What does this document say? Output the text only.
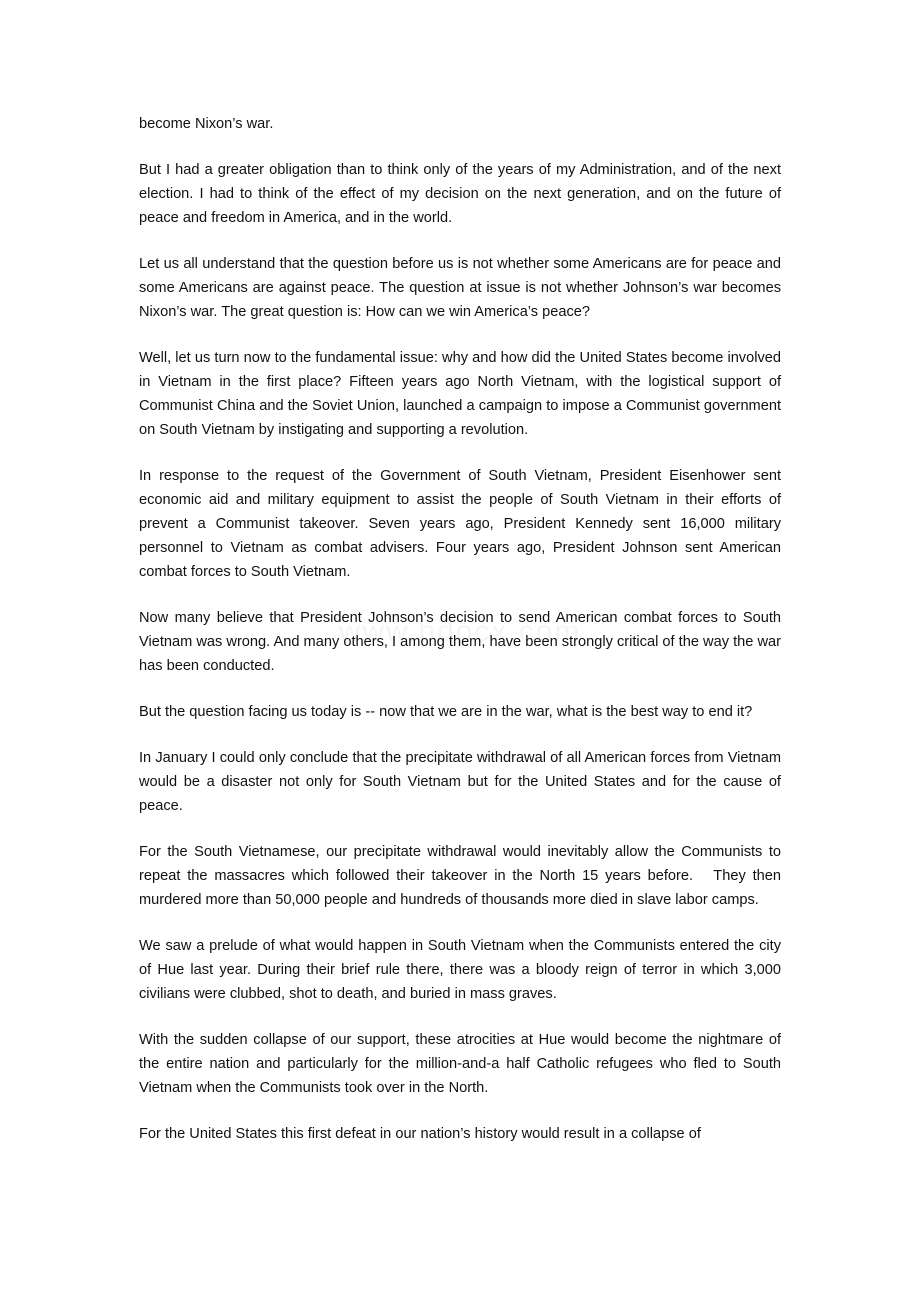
become Nixon’s war.

But I had a greater obligation than to think only of the years of my Administration, and of the next election. I had to think of the effect of my decision on the next generation, and on the future of peace and freedom in America, and in the world.

Let us all understand that the question before us is not whether some Americans are for peace and some Americans are against peace. The question at issue is not whether Johnson’s war becomes Nixon’s war. The great question is: How can we win America’s peace?

Well, let us turn now to the fundamental issue: why and how did the United States become involved in Vietnam in the first place? Fifteen years ago North Vietnam, with the logistical support of Communist China and the Soviet Union, launched a campaign to impose a Communist government on South Vietnam by instigating and supporting a revolution.

In response to the request of the Government of South Vietnam, President Eisenhower sent economic aid and military equipment to assist the people of South Vietnam in their efforts of prevent a Communist takeover. Seven years ago, President Kennedy sent 16,000 military personnel to Vietnam as combat advisers. Four years ago, President Johnson sent American combat forces to South Vietnam.

Now many believe that President Johnson’s decision to send American combat forces to South Vietnam was wrong. And many others, I among them, have been strongly critical of the way the war has been conducted.

But the question facing us today is -- now that we are in the war, what is the best way to end it?

In January I could only conclude that the precipitate withdrawal of all American forces from Vietnam would be a disaster not only for South Vietnam but for the United States and for the cause of peace.

For the South Vietnamese, our precipitate withdrawal would inevitably allow the Communists to repeat the massacres which followed their takeover in the North 15 years before.   They then murdered more than 50,000 people and hundreds of thousands more died in slave labor camps.

We saw a prelude of what would happen in South Vietnam when the Communists entered the city of Hue last year. During their brief rule there, there was a bloody reign of terror in which 3,000 civilians were clubbed, shot to death, and buried in mass graves.

With the sudden collapse of our support, these atrocities at Hue would become the nightmare of the entire nation and particularly for the million-and-a half Catholic refugees who fled to South Vietnam when the Communists took over in the North.

For the United States this first defeat in our nation’s history would result in a collapse of
